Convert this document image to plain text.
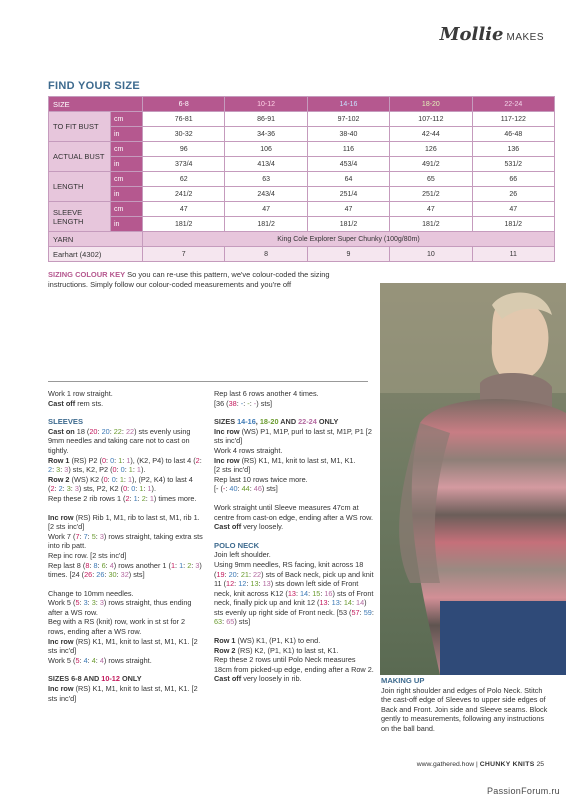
Mollie MAKES
FIND YOUR SIZE
SIZE		6-8	10-12	14-16	18-20	22-24
TO FIT BUST	cm	76-81	86-91	97-102	107-112	117-122
	in	30-32	34-36	38-40	42-44	46-48
ACTUAL BUST	cm	96	106	116	126	136
	in	373/4	413/4	453/4	491/2	531/2
LENGTH	cm	62	63	64	65	66
	in	241/2	243/4	251/4	251/2	26
SLEEVE
LENGTH	cm	47	47	47	47	47
	in	181/2	181/2	181/2	181/2	181/2
YARN		King Cole Explorer Super Chunky (100g/80m)				
Earhart (4302)		7	8	9	10	11
SIZING COLOUR KEY So you can re-use this pattern, we've colour-coded the sizing instructions. Simply follow our colour-coded measurements and you're off

Work 1 row straight.

Cast off rem sts.

SLEEVES

Cast on 18 (20: 20: 22: 22) sts evenly using 9mm needles and taking care not to cast on tightly.

Row 1 (RS) P2 (0: 0: 1: 1), (K2, P4) to last 4 (2: 2: 3: 3) sts, K2, P2 (0: 0: 1: 1).

Row 2 (WS) K2 (0: 0: 1: 1), (P2, K4) to last 4 (2: 2: 3: 3) sts, P2, K2 (0: 0: 1: 1).

Rep these 2 rib rows 1 (2: 1: 2: 1) times more.

Inc row (RS) Rib 1, M1, rib to last st, M1, rib 1. [2 sts inc'd]

Work 7 (7: 7: 5: 3) rows straight, taking extra sts into rib patt.

Rep inc row. [2 sts inc'd]

Rep last 8 (8: 8: 6: 4) rows another 1 (1: 1: 2: 3) times. [24 (26: 26: 30: 32) sts]

Change to 10mm needles.

Work 5 (5: 3: 3: 3) rows straight, thus ending after a WS row.

Beg with a RS (knit) row, work in st st for 2 rows, ending after a WS row.

Inc row (RS) K1, M1, knit to last st, M1, K1. [2 sts inc'd]

Work 5 (5: 4: 4: 4) rows straight.

SIZES 6-8 AND 10-12 ONLY

Inc row (RS) K1, M1, knit to last st, M1, K1. [2 sts inc'd]

Rep last 6 rows another 4 times.

[36 (38: -: -: -) sts]

SIZES 14-16, 18-20 AND 22-24 ONLY

Inc row (WS) P1, M1P, purl to last st, M1P, P1 [2 sts inc'd]

Work 4 rows straight.

Inc row (RS) K1, M1, knit to last st, M1, K1.

[2 sts inc'd]

Rep last 10 rows twice more.

[- (-: 40: 44: 46) sts]

Work straight until Sleeve measures 47cm at centre from cast-on edge, ending after a WS row.

Cast off very loosely.

POLO NECK

Join left shoulder.

Using 9mm needles, RS facing, knit across 18 (19: 20: 21: 22) sts of Back neck, pick up and knit 11 (12: 12: 13: 13) sts down left side of Front neck, knit across K12 (13: 14: 15: 16) sts of Front neck, finally pick up and knit 12 (13: 13: 14: 14) sts evenly up right side of Front neck. [53 (57: 59: 63: 65) sts]

Row 1 (WS) K1, (P1, K1) to end.

Row 2 (RS) K2, (P1, K1) to last st, K1.

Rep these 2 rows until Polo Neck measures 18cm from picked-up edge, ending after a Row 2.

Cast off very loosely in rib.	MAKING UP

Join right shoulder and edges of Polo Neck. Stitch the cast-off edge of Sleeves to upper side edges of Back and Front. Join side and Sleeve seams. Block gently to measurements, following any instructions on the ball band.

www.gathered.how | CHUNKY KNITS 25
PassionForum.ru
